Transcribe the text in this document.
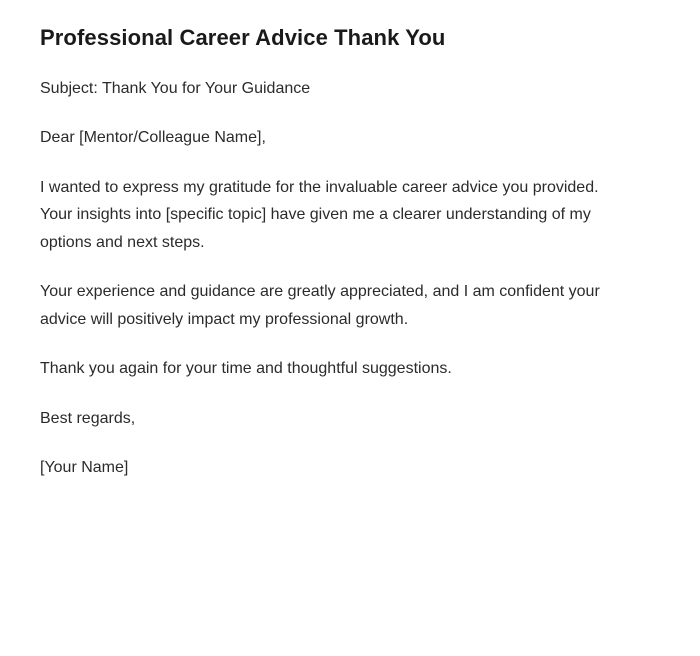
Professional Career Advice Thank You

Subject: Thank You for Your Guidance

Dear [Mentor/Colleague Name],

I wanted to express my gratitude for the invaluable career advice you provided. Your insights into [specific topic] have given me a clearer understanding of my options and next steps.

Your experience and guidance are greatly appreciated, and I am confident your advice will positively impact my professional growth.

Thank you again for your time and thoughtful suggestions.

Best regards,

[Your Name]
